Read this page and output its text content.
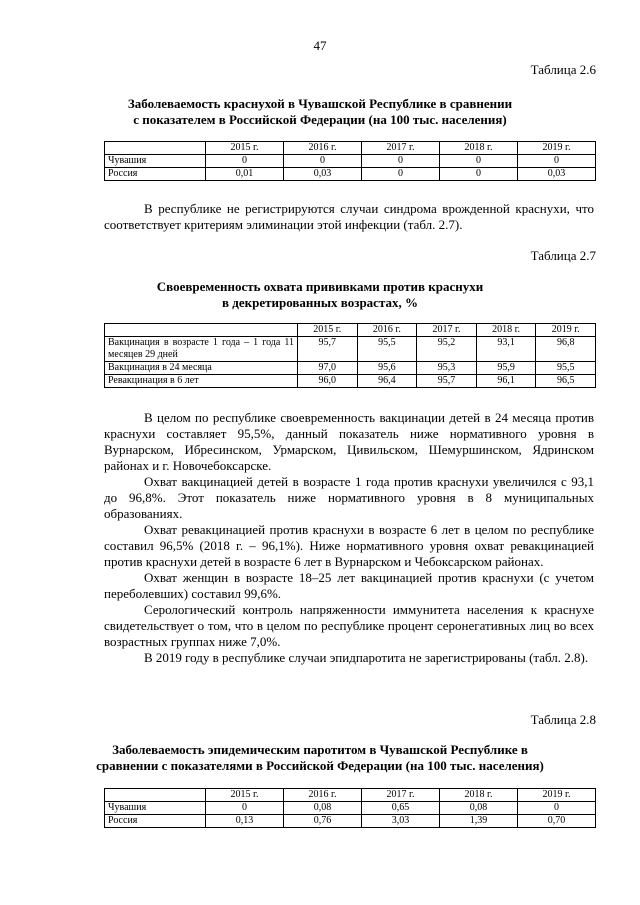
47
Таблица 2.6
Заболеваемость краснухой в Чувашской Республике в сравнении
с показателем в Российской Федерации (на 100 тыс. населения)
	2015 г.	2016 г.	2017 г.	2018 г.	2019 г.
Чувашия	0	0	0	0	0
Россия	0,01	0,03	0	0	0,03

В республике не регистрируются случаи синдрома врожденной краснухи, что соответствует критериям элиминации этой инфекции (табл. 2.7).

Таблица 2.7
Своевременность охвата прививками против краснухи
в декретированных возрастах, %
	2015 г.	2016 г.	2017 г.	2018 г.	2019 г.
Вакцинация в возрасте 1 года – 1 года 11 месяцев 29 дней	95,7	95,5	95,2	93,1	96,8
Вакцинация в 24 месяца	97,0	95,6	95,3	95,9	95,5
Ревакцинация в 6 лет	96,0	96,4	95,7	96,1	96,5

В целом по республике своевременность вакцинации детей в 24 месяца против краснухи составляет 95,5%, данный показатель ниже нормативного уровня в Вурнарском, Ибресинском, Урмарском, Цивильском, Шемуршинском, Ядринском районах и г. Новочебоксарске.

Охват вакцинацией детей в возрасте 1 года против краснухи увеличился с 93,1 до 96,8%. Этот показатель ниже нормативного уровня в 8 муниципальных образованиях.

Охват ревакцинацией против краснухи в возрасте 6 лет в целом по республике составил 96,5% (2018 г. – 96,1%). Ниже нормативного уровня охват ревакцинацией против краснухи детей в возрасте 6 лет в Вурнарском и Чебоксарском районах.

Охват женщин в возрасте 18–25 лет вакцинацией против краснухи (с учетом переболевших) составил 99,6%.

Серологический контроль напряженности иммунитета населения к краснухе свидетельствует о том, что в целом по республике процент серонегативных лиц во всех возрастных группах ниже 7,0%.

В 2019 году в республике случаи эпидпаротита не зарегистрированы (табл. 2.8).

Таблица 2.8
Заболеваемость эпидемическим паротитом в Чувашской Республике в
сравнении с показателями в Российской Федерации (на 100 тыс. населения)
	2015 г.	2016 г.	2017 г.	2018 г.	2019 г.
Чувашия	0	0,08	0,65	0,08	0
Россия	0,13	0,76	3,03	1,39	0,70
